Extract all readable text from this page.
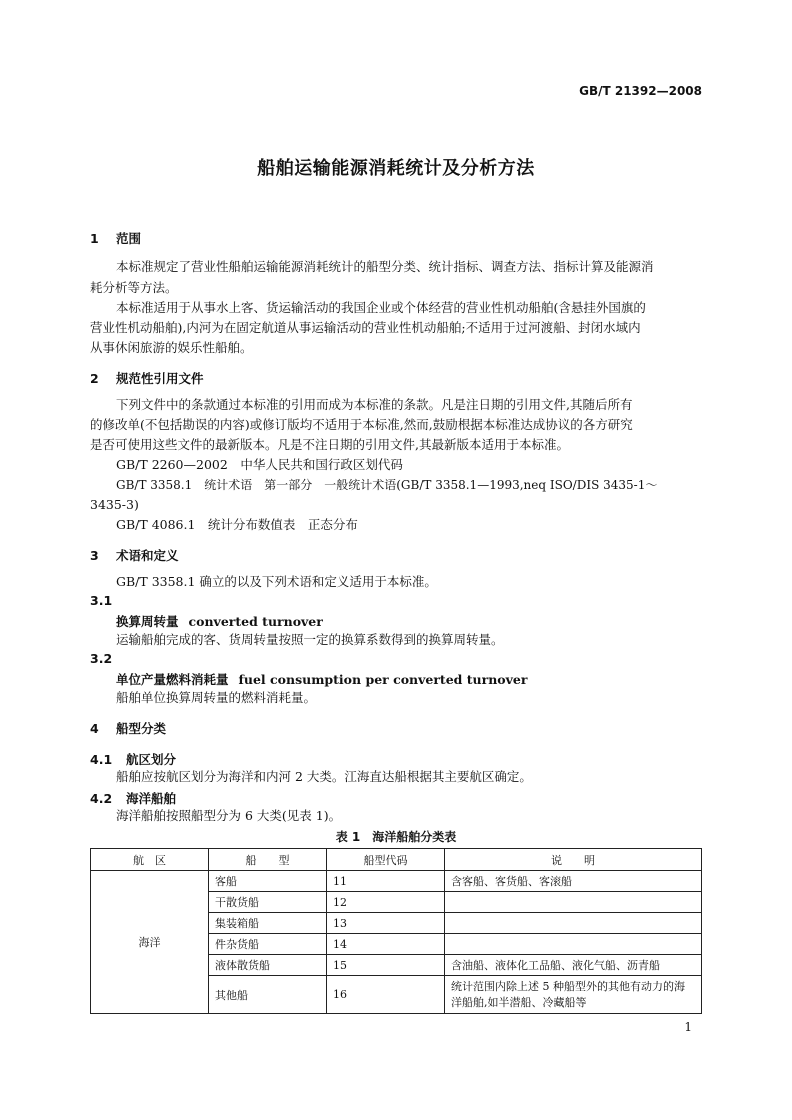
GB/T 21392—2008
船舶运输能源消耗统计及分析方法
1 范围
本标准规定了营业性船舶运输能源消耗统计的船型分类、统计指标、调查方法、指标计算及能源消
耗分析等方法。
本标准适用于从事水上客、货运输活动的我国企业或个体经营的营业性机动船舶(含悬挂外国旗的
营业性机动船舶),内河为在固定航道从事运输活动的营业性机动船舶;不适用于过河渡船、封闭水域内
从事休闲旅游的娱乐性船舶。
2 规范性引用文件
下列文件中的条款通过本标准的引用而成为本标准的条款。凡是注日期的引用文件,其随后所有
的修改单(不包括勘误的内容)或修订版均不适用于本标准,然而,鼓励根据本标准达成协议的各方研究
是否可使用这些文件的最新版本。凡是不注日期的引用文件,其最新版本适用于本标准。
GB/T 2260—2002　中华人民共和国行政区划代码
GB/T 3358.1　统计术语　第一部分　一般统计术语(GB/T 3358.1—1993,neq ISO/DIS 3435-1～
3435-3)
GB/T 4086.1　统计分布数值表　正态分布
3 术语和定义
GB/T 3358.1 确立的以及下列术语和定义适用于本标准。
3.1
换算周转量 converted turnover
运输船舶完成的客、货周转量按照一定的换算系数得到的换算周转量。
3.2
单位产量燃料消耗量 fuel consumption per converted turnover
船舶单位换算周转量的燃料消耗量。
4 船型分类
4.1 航区划分
船舶应按航区划分为海洋和内河 2 大类。江海直达船根据其主要航区确定。
4.2 海洋船舶
海洋船舶按照船型分为 6 大类(见表 1)。
表 1　海洋船舶分类表
航　区	船　　型	船型代码	说　　明
海洋	客船	11	含客船、客货船、客滚船
	干散货船	12	
	集装箱船	13	
	件杂货船	14	
	液体散货船	15	含油船、液体化工品船、液化气船、沥青船
	其他船	16	统计范围内除上述 5 种船型外的其他有动力的海洋船舶,如半潜船、冷藏船等
1
